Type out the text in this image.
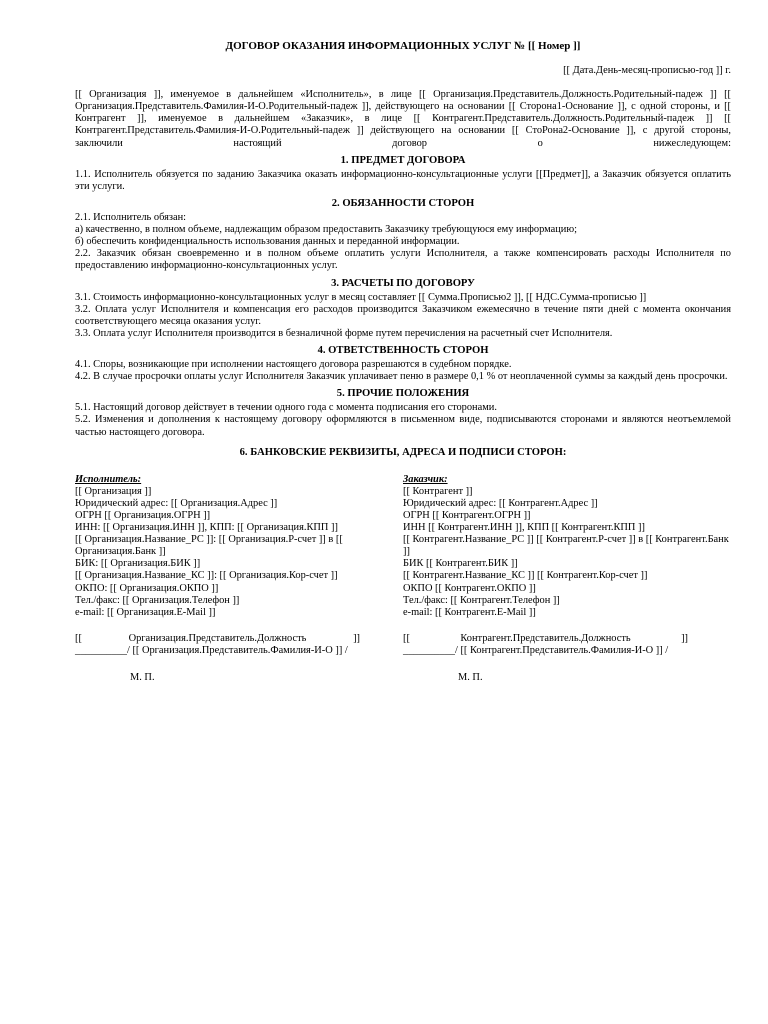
ДОГОВОР ОКАЗАНИЯ ИНФОРМАЦИОННЫХ УСЛУГ № [[ Номер ]]

[[ Дата.День-месяц-прописью-год ]] г.

[[ Организация ]], именуемое в дальнейшем «Исполнитель», в лице [[ Организация.Представитель.Должность.Родительный-падеж ]] [[ Организация.Представитель.Фамилия-И-О.Родительный-падеж ]], действующего на основании [[ Сторона1-Основание ]], с одной стороны, и [[ Контрагент ]], именуемое в дальнейшем «Заказчик», в лице [[ Контрагент.Представитель.Должность.Родительный-падеж ]] [[ Контрагент.Представитель.Фамилия-И-О.Родительный-падеж ]] действующего на основании [[ СтоРона2-Основание ]], с другой стороны, заключили настоящий договор о нижеследующем:

1. ПРЕДМЕТ ДОГОВОРА

1.1. Исполнитель обязуется по заданию Заказчика оказать информационно-консультационные услуги [[Предмет]], а Заказчик обязуется оплатить эти услуги.

2. ОБЯЗАННОСТИ СТОРОН

2.1. Исполнитель обязан:

а) качественно, в полном объеме, надлежащим образом предоставить Заказчику требующуюся ему информацию;

б) обеспечить конфиденциальность использования данных и переданной информации.

2.2. Заказчик обязан своевременно и в полном объеме оплатить услуги Исполнителя, а также компенсировать расходы Исполнителя по предоставлению информационно-консультационных услуг.

3. РАСЧЕТЫ ПО ДОГОВОРУ

3.1. Стоимость информационно-консультационных услуг в месяц составляет [[ Сумма.Прописью2 ]], [[ НДС.Сумма-прописью ]]

3.2. Оплата услуг Исполнителя и компенсация его расходов производится Заказчиком ежемесячно в течение пяти дней с момента окончания соответствующего месяца оказания услуг.

3.3. Оплата услуг Исполнителя производится в безналичной форме путем перечисления на расчетный счет Исполнителя.

4. ОТВЕТСТВЕННОСТЬ СТОРОН

4.1. Споры, возникающие при исполнении настоящего договора разрешаются в судебном порядке.

4.2. В случае просрочки оплаты услуг Исполнителя Заказчик уплачивает пеню в размере 0,1 % от неоплаченной суммы за каждый день просрочки.

5. ПРОЧИЕ ПОЛОЖЕНИЯ

5.1. Настоящий договор действует в течении одного года с момента подписания его сторонами.

5.2. Изменения и дополнения к настоящему договору оформляются в письменном виде, подписываются сторонами и являются неотъемлемой частью настоящего договора.

6. БАНКОВСКИЕ РЕКВИЗИТЫ, АДРЕСА И ПОДПИСИ СТОРОН:

Исполнитель:

[[ Организация ]]

Юридический адрес: [[ Организация.Адрес ]]

ОГРН [[ Организация.ОГРН ]]

ИНН: [[ Организация.ИНН ]], КПП: [[ Организация.КПП ]]

[[ Организация.Название_РС ]]: [[ Организация.Р-счет ]] в [[ Организация.Банк ]]

БИК: [[ Организация.БИК ]]

[[ Организация.Название_КС ]]: [[ Организация.Кор-счет ]]

ОКПО: [[ Организация.ОКПО ]]

Тел./факс: [[ Организация.Телефон ]]

e-mail: [[ Организация.E-Mail ]]

[[	Организация.Представитель.Должность	]]

__________/ [[ Организация.Представитель.Фамилия-И-О ]] /

М. П.

Заказчик:

[[ Контрагент ]]

Юридический адрес: [[ Контрагент.Адрес ]]

ОГРН [[ Контрагент.ОГРН ]]

ИНН [[ Контрагент.ИНН ]], КПП [[ Контрагент.КПП ]]

[[ Контрагент.Название_РС ]] [[ Контрагент.Р-счет ]] в [[ Контрагент.Банк ]]

БИК [[ Контрагент.БИК ]]

[[ Контрагент.Название_КС ]] [[ Контрагент.Кор-счет ]]

ОКПО [[ Контрагент.ОКПО ]]

Тел./факс: [[ Контрагент.Телефон ]]

e-mail: [[ Контрагент.E-Mail ]]

[[	Контрагент.Представитель.Должность	]]

__________/ [[ Контрагент.Представитель.Фамилия-И-О ]] /

М. П.
